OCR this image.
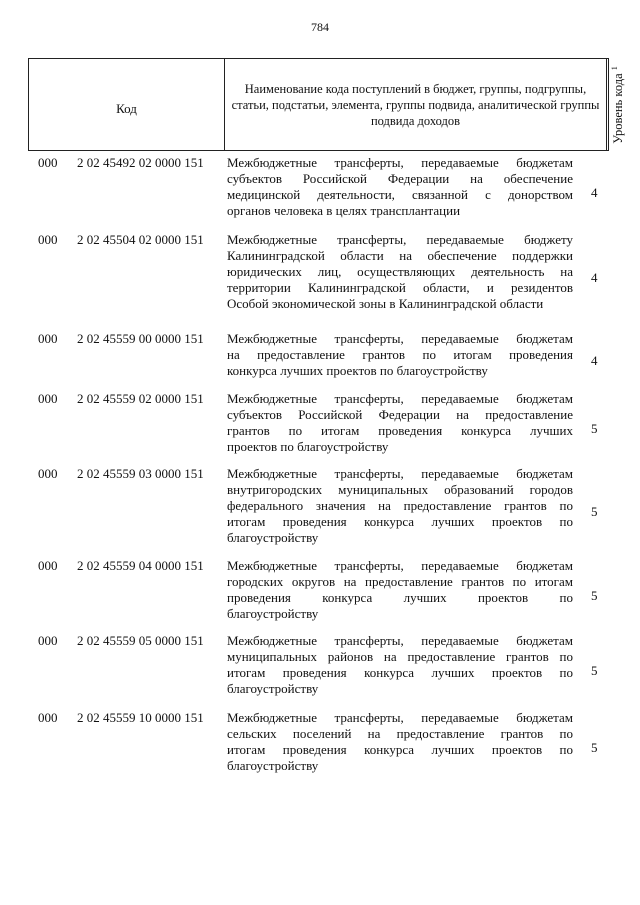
784
Код
Наименование кода поступлений в бюджет, группы, подгруппы, статьи, подстатьи, элемента, группы подвида, аналитической группы подвида доходов	Уровень кода $^1$
000 2 02 45492 02 0000 151 Межбюджетные трансферты, передаваемые бюджетам
субъектов Российской Федерации на обеспечение
медицинской деятельности, связанной с донорством
органов человека в целях трансплантации
4
000 2 02 45504 02 0000 151 Межбюджетные трансферты, передаваемые бюджету
Калининградской области на обеспечение поддержки
юридических лиц, осуществляющих деятельность на
территории Калининградской области, и резидентов
Особой экономической зоны в Калининградской области
4
000 2 02 45559 00 0000 151 Межбюджетные трансферты, передаваемые бюджетам
на предоставление грантов по итогам проведения
конкурса лучших проектов по благоустройству
4
000 2 02 45559 02 0000 151 Межбюджетные трансферты, передаваемые бюджетам
субъектов Российской Федерации на предоставление
грантов по итогам проведения конкурса лучших
проектов по благоустройству
5
000 2 02 45559 03 0000 151 Межбюджетные трансферты, передаваемые бюджетам
внутригородских муниципальных образований городов
федерального значения на предоставление грантов по
итогам проведения конкурса лучших проектов по
благоустройству
5
000 2 02 45559 04 0000 151 Межбюджетные трансферты, передаваемые бюджетам
городских округов на предоставление грантов по итогам
проведения конкурса лучших проектов по
благоустройству
5
000 2 02 45559 05 0000 151 Межбюджетные трансферты, передаваемые бюджетам
муниципальных районов на предоставление грантов по
итогам проведения конкурса лучших проектов по
благоустройству
5
000 2 02 45559 10 0000 151 Межбюджетные трансферты, передаваемые бюджетам
сельских поселений на предоставление грантов по
итогам проведения конкурса лучших проектов по
благоустройству
5
